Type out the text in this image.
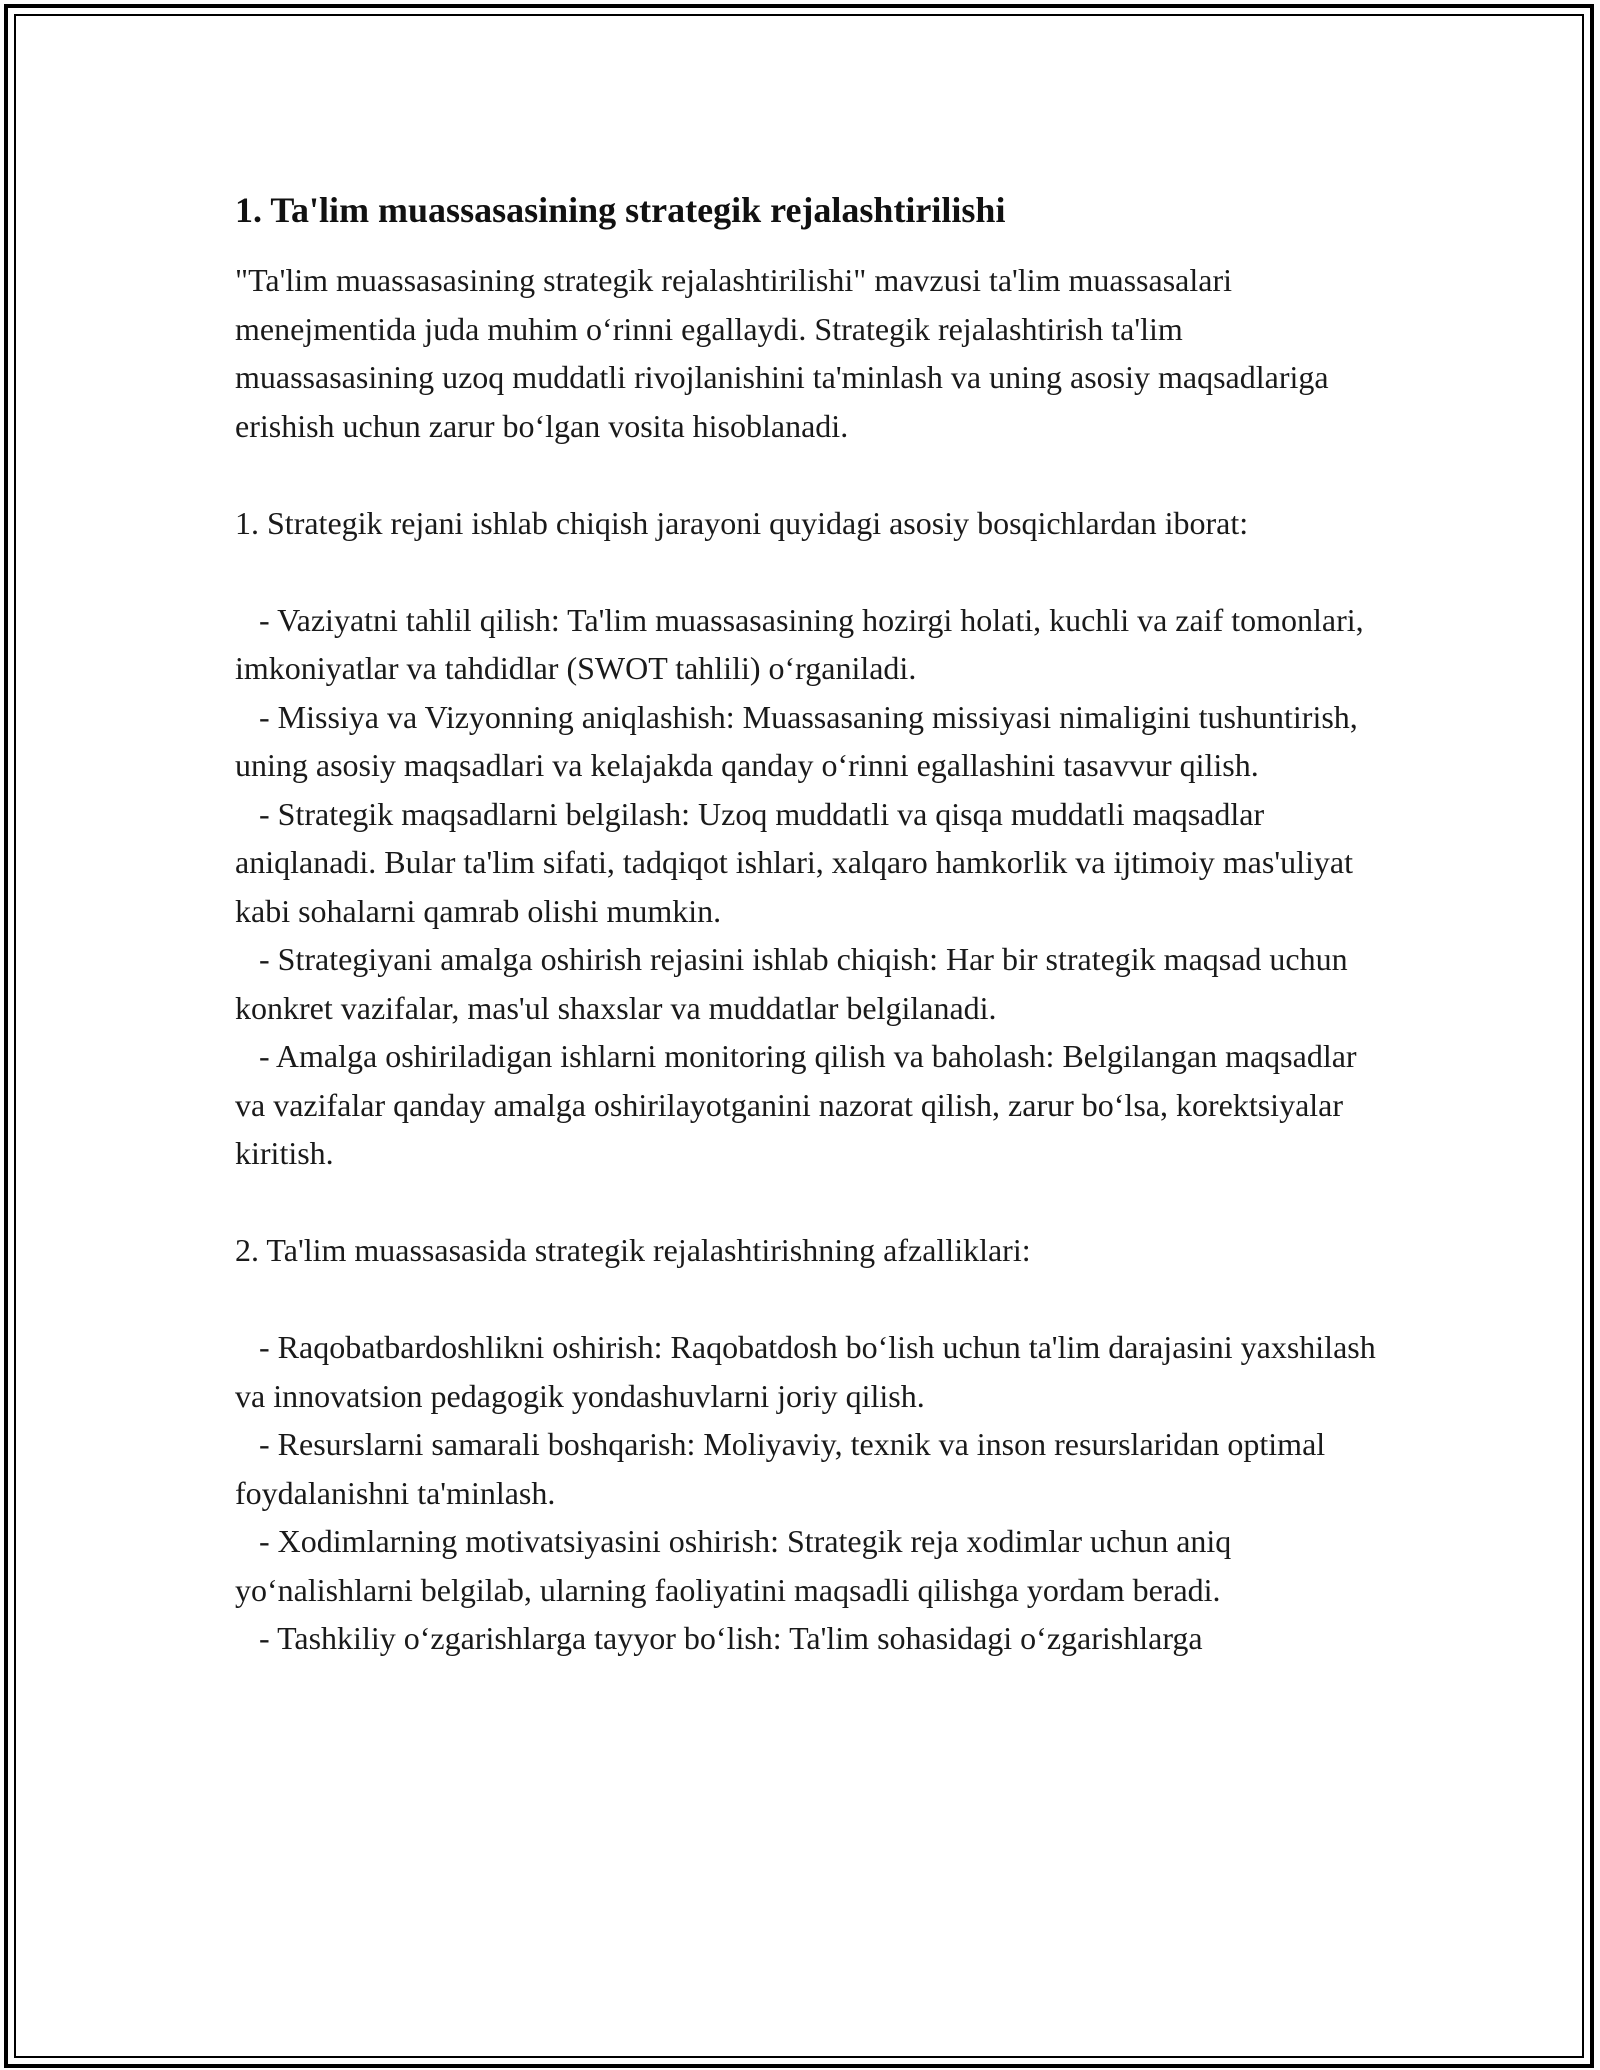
1. Ta'lim muassasasining strategik rejalashtirilishi

"Ta'lim muassasasining strategik rejalashtirilishi" mavzusi ta'lim muassasalari menejmentida juda muhim o‘rinni egallaydi. Strategik rejalashtirish ta'lim muassasasining uzoq muddatli rivojlanishini ta'minlash va uning asosiy maqsadlariga erishish uchun zarur bo‘lgan vosita hisoblanadi.

1. Strategik rejani ishlab chiqish jarayoni quyidagi asosiy bosqichlardan iborat:

- Vaziyatni tahlil qilish: Ta'lim muassasasining hozirgi holati, kuchli va zaif tomonlari, imkoniyatlar va tahdidlar (SWOT tahlili) o‘rganiladi.

- Missiya va Vizyonning aniqlashish: Muassasaning missiyasi nimaligini tushuntirish, uning asosiy maqsadlari va kelajakda qanday o‘rinni egallashini tasavvur qilish.

- Strategik maqsadlarni belgilash: Uzoq muddatli va qisqa muddatli maqsadlar aniqlanadi. Bular ta'lim sifati, tadqiqot ishlari, xalqaro hamkorlik va ijtimoiy mas'uliyat kabi sohalarni qamrab olishi mumkin.

- Strategiyani amalga oshirish rejasini ishlab chiqish: Har bir strategik maqsad uchun konkret vazifalar, mas'ul shaxslar va muddatlar belgilanadi.

- Amalga oshiriladigan ishlarni monitoring qilish va baholash: Belgilangan maqsadlar va vazifalar qanday amalga oshirilayotganini nazorat qilish, zarur bo‘lsa, korektsiyalar kiritish.

2. Ta'lim muassasasida strategik rejalashtirishning afzalliklari:

- Raqobatbardoshlikni oshirish: Raqobatdosh bo‘lish uchun ta'lim darajasini yaxshilash va innovatsion pedagogik yondashuvlarni joriy qilish.

- Resurslarni samarali boshqarish: Moliyaviy, texnik va inson resurslaridan optimal foydalanishni ta'minlash.

- Xodimlarning motivatsiyasini oshirish: Strategik reja xodimlar uchun aniq yo‘nalishlarni belgilab, ularning faoliyatini maqsadli qilishga yordam beradi.

- Tashkiliy o‘zgarishlarga tayyor bo‘lish: Ta'lim sohasidagi o‘zgarishlarga
